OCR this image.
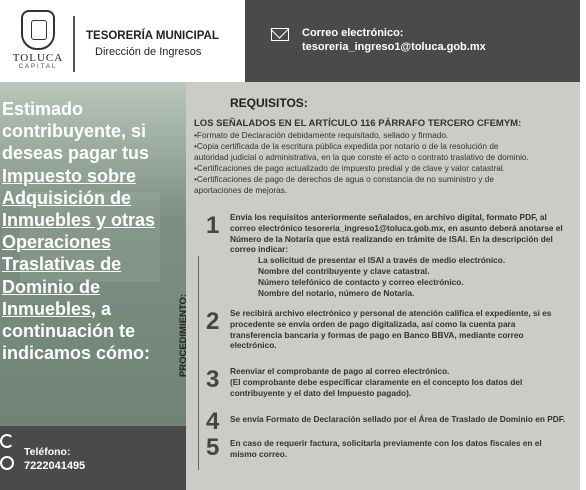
TOLUCA
CAPITAL
TESORERÍA MUNICIPAL
Dirección de Ingresos
Correo electrónico:
tesoreria_ingreso1@toluca.gob.mx
Estimado
contribuyente, si
deseas pagar tus
Impuesto sobre
Adquisición de
Inmuebles y otras
Operaciones
Traslativas de
Dominio de
Inmuebles, a
continuación te
indicamos cómo:
Teléfono:
7222041495
REQUISITOS:
LOS SEÑALADOS EN EL ARTÍCULO 116 PÁRRAFO TERCERO CFEMYM:
•Formato de Declaración debidamente requisitado, sellado y firmado.
•Copia certificada de la escritura pública expedida por notario o de la resolución de
autoridad judicial o administrativa, en la que conste el acto o contrato traslativo de dominio.
•Certificaciones de pago actualizado de impuesto predial y de clave y valor catastral.
•Certificaciones de pago de derechos de agua o constancia de no suministro y de
aportaciones de mejoras.
PROCEDIMIENTO:
1 Envía los requisitos anteriormente señalados, en archivo digital, formato PDF, al
correo electrónico tesoreria_ingreso1@toluca.gob.mx, en asunto deberá anotarse el
Número de la Notaría que está realizando en trámite de ISAI. En la descripción del
correo indicar:
La solicitud de presentar el ISAI a través de medio electrónico.
Nombre del contribuyente y clave catastral.
Número telefónico de contacto y correo electrónico.
Nombre del notario, número de Notaría.
2 Se recibirá archivo electrónico y personal de atención califica el expediente, si es
procedente se envía orden de pago digitalizada, así como la cuenta para
transferencia bancaria y formas de pago en Banco BBVA, mediante correo
electrónico.
3 Reenviar el comprobante de pago al correo electrónico.
(El comprobante debe especificar claramente en el concepto los datos del
contribuyente y el dato del Impuesto pagado).
4 Se envía Formato de Declaración sellado por el Área de Traslado de Dominio en PDF.
5 En caso de requerir factura, solicitarla previamente con los datos fiscales en el
mismo correo.
